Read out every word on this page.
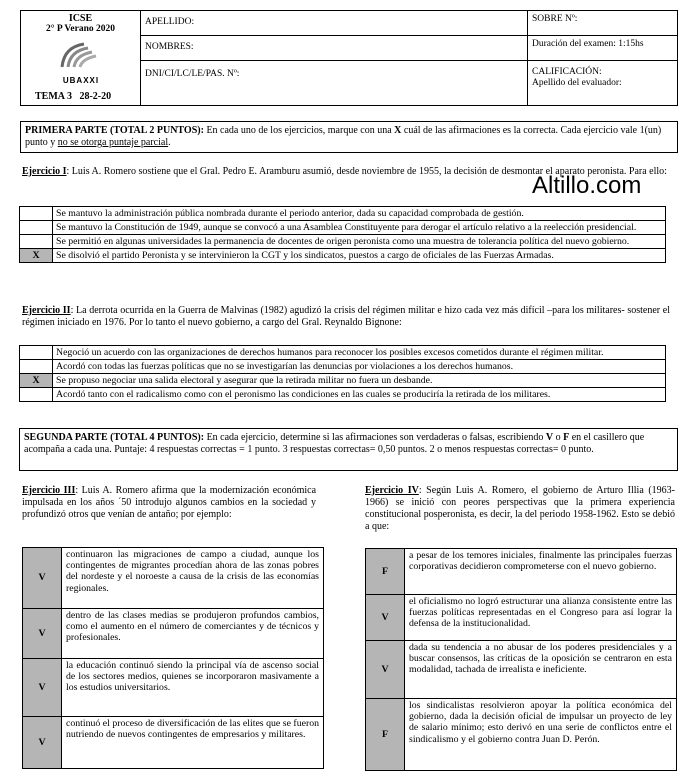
ICSE
2° P Verano 2020
UBAXXI
TEMA 3 28-2-20
APELLIDO:
NOMBRES:
DNI/CI/LC/LE/PAS. Nº:
SOBRE Nº:
Duración del examen: 1:15hs
CALIFICACIÓN:
Apellido del evaluador:
Altillo.com
PRIMERA PARTE (TOTAL 2 PUNTOS): En cada uno de los ejercicios, marque con una X cuál de las afirmaciones es la correcta. Cada ejercicio vale 1(un) punto y no se otorga puntaje parcial.
Ejercicio I: Luis A. Romero sostiene que el Gral. Pedro E. Aramburu asumió, desde noviembre de 1955, la decisión de desmontar el aparato peronista. Para ello:
	Se mantuvo la administración pública nombrada durante el periodo anterior, dada su capacidad comprobada de gestión.
	Se mantuvo la Constitución de 1949, aunque se convocó a una Asamblea Constituyente para derogar el artículo relativo a la reelección presidencial.
	Se permitió en algunas universidades la permanencia de docentes de origen peronista como una muestra de tolerancia política del nuevo gobierno.
X	Se disolvió el partido Peronista y se intervinieron la CGT y los sindicatos, puestos a cargo de oficiales de las Fuerzas Armadas.
Ejercicio II: La derrota ocurrida en la Guerra de Malvinas (1982) agudizó la crisis del régimen militar e hizo cada vez más difícil –para los militares- sostener el régimen iniciado en 1976. Por lo tanto el nuevo gobierno, a cargo del Gral. Reynaldo Bignone:
	Negoció un acuerdo con las organizaciones de derechos humanos para reconocer los posibles excesos cometidos durante el régimen militar.
	Acordó con todas las fuerzas políticas que no se investigarían las denuncias por violaciones a los derechos humanos.
X	Se propuso negociar una salida electoral y asegurar que la retirada militar no fuera un desbande.
	Acordó tanto con el radicalismo como con el peronismo las condiciones en las cuales se produciría la retirada de los militares.
SEGUNDA PARTE (TOTAL 4 PUNTOS): En cada ejercicio, determine si las afirmaciones son verdaderas o falsas, escribiendo V o F en el casillero que acompaña a cada una. Puntaje: 4 respuestas correctas = 1 punto. 3 respuestas correctas= 0,50 puntos. 2 o menos respuestas correctas= 0 punto.
Ejercicio III: Luis A. Romero afirma que la modernización económica impulsada en los años ´50 introdujo algunos cambios en la sociedad y profundizó otros que venían de antaño; por ejemplo:
V	continuaron las migraciones de campo a ciudad, aunque los contingentes de migrantes procedían ahora de las zonas pobres del nordeste y el noroeste a causa de la crisis de las economías regionales.
V	dentro de las clases medias se produjeron profundos cambios, como el aumento en el número de comerciantes y de técnicos y profesionales.
V	la educación continuó siendo la principal vía de ascenso social de los sectores medios, quienes se incorporaron masivamente a los estudios universitarios.
V	continuó el proceso de diversificación de las elites que se fueron nutriendo de nuevos contingentes de empresarios y militares.
Ejercicio IV: Según Luis A. Romero, el gobierno de Arturo Illia (1963-1966) se inició con peores perspectivas que la primera experiencia constitucional posperonista, es decir, la del periodo 1958-1962. Esto se debió a que:
F	a pesar de los temores iniciales, finalmente las principales fuerzas corporativas decidieron comprometerse con el nuevo gobierno.
V	el oficialismo no logró estructurar una alianza consistente entre las fuerzas políticas representadas en el Congreso para así lograr la defensa de la institucionalidad.
V	dada su tendencia a no abusar de los poderes presidenciales y a buscar consensos, las críticas de la oposición se centraron en esta modalidad, tachada de irrealista e ineficiente.
F	los sindicalistas resolvieron apoyar la política económica del gobierno, dada la decisión oficial de impulsar un proyecto de ley de salario mínimo; esto derivó en una serie de conflictos entre el sindicalismo y el gobierno contra Juan D. Perón.
